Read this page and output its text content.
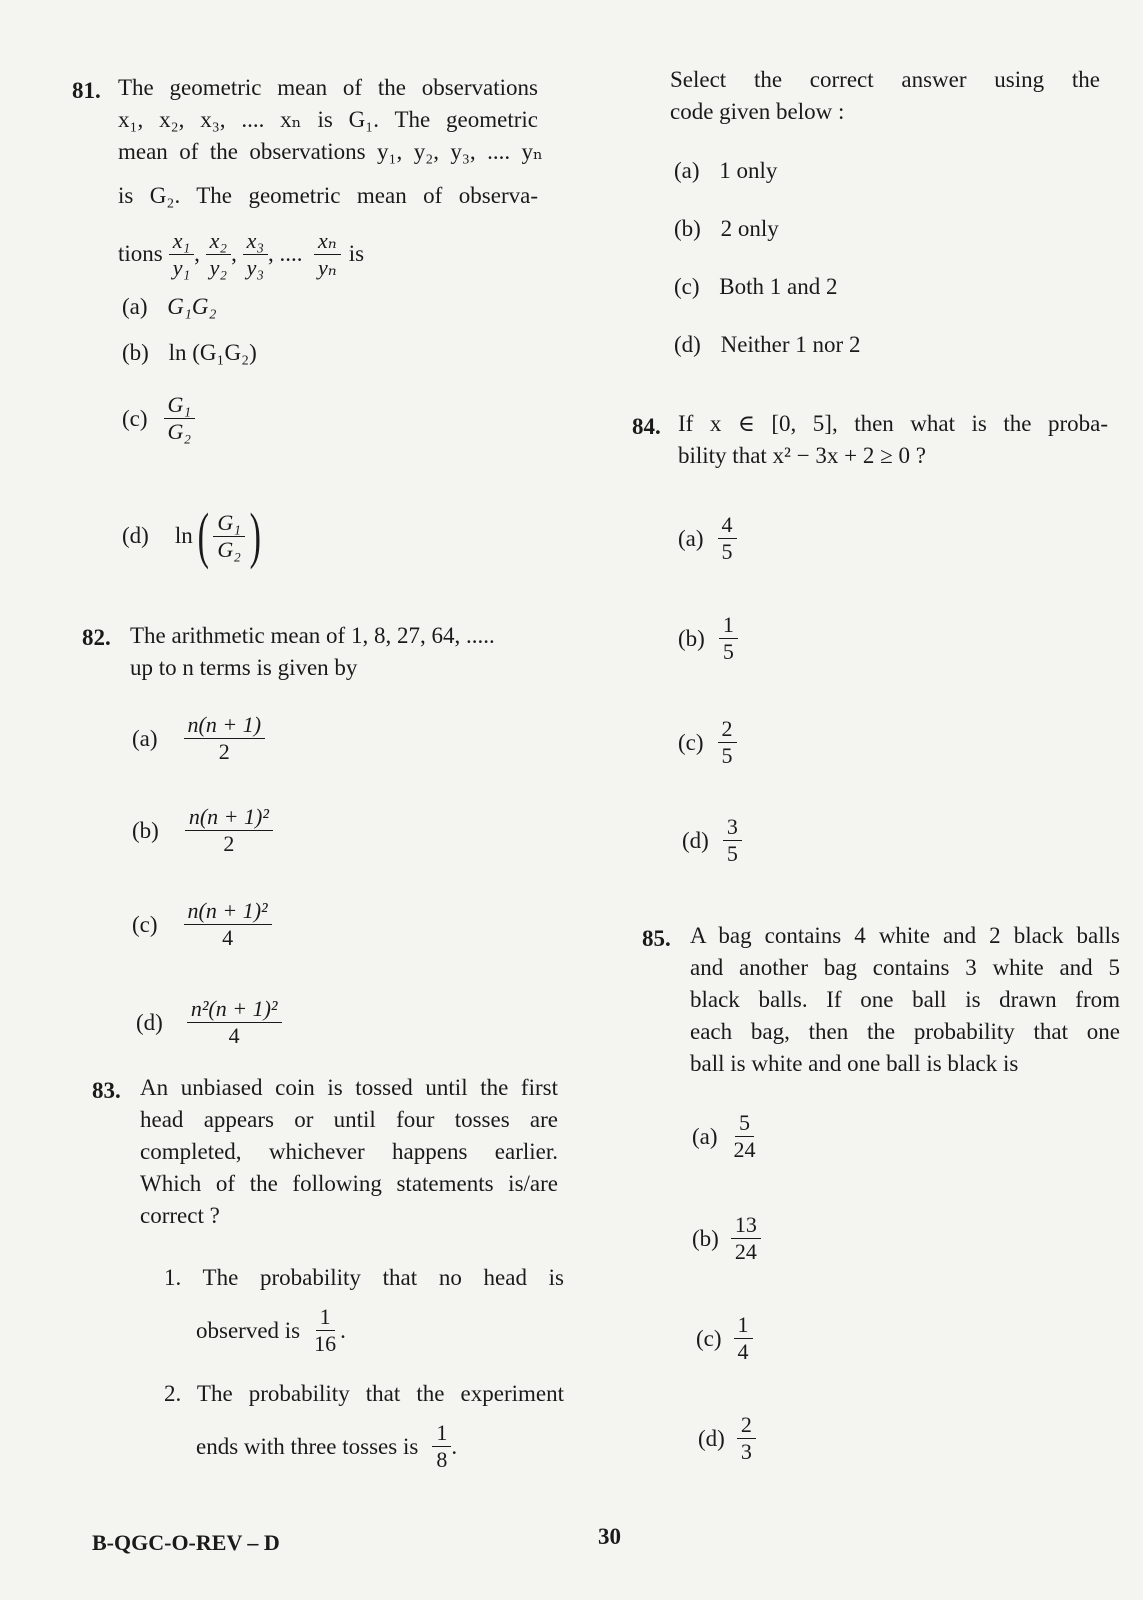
81. The geometric mean of the observations
x₁, x₂, x₃, .... xₙ is G₁. The geometric
mean of the observations y₁, y₂, y₃, .... yₙ
is G₂. The geometric mean of observa-
tions $\frac{\text{x₁}}{\text{y₁}}$ , $\frac{\text{x₂}}{\text{y₂}}$ , $\frac{\text{x₃}}{\text{y₃}}$ , .... $\frac{\text{xₙ}}{\text{yₙ}}$ is
(a) G₁G₂
(b) ln (G₁G₂)
$(c) \frac{\text{G₁}}{\text{G₂}}$
(d) ln ( $\frac{\text{G₁}}{\text{G₂}}$ )
82. The arithmetic mean of 1, 8, 27, 64, .....
up to n terms is given by
$(a) \frac{n(n + 1)}{2}$
$(b) \frac{\text{n(n + 1)²}}{2}$
$(c) \frac{\text{n(n + 1)²}}{4}$
$(d) \frac{\text{n²(n + 1)²}}{4}$
83. An unbiased coin is tossed until the first
head appears or until four tosses are
completed, whichever happens earlier.
Which of the following statements is/are
correct ?
1. The probability that no head is
observed is $\frac{1}{16}$ .
2. The probability that the experiment
ends with three tosses is $\frac{1}{8}$ .
Select the correct answer using the
code given below :
(a) 1 only
(b) 2 only
(c) Both 1 and 2
(d) Neither 1 nor 2
84. If x ∈ [0, 5], then what is the proba-
bility that x² − 3x + 2 ≥ 0 ?
$(a) \frac{4}{5}$
$(b) \frac{1}{5}$
$(c) \frac{2}{5}$
$(d) \frac{3}{5}$
85. A bag contains 4 white and 2 black balls
and another bag contains 3 white and 5
black balls. If one ball is drawn from
each bag, then the probability that one
ball is white and one ball is black is
$(a) \frac{5}{24}$
$(b) \frac{13}{24}$
$(c) \frac{1}{4}$
$(d) \frac{2}{3}$
B-QGC-O-REV – D	30
